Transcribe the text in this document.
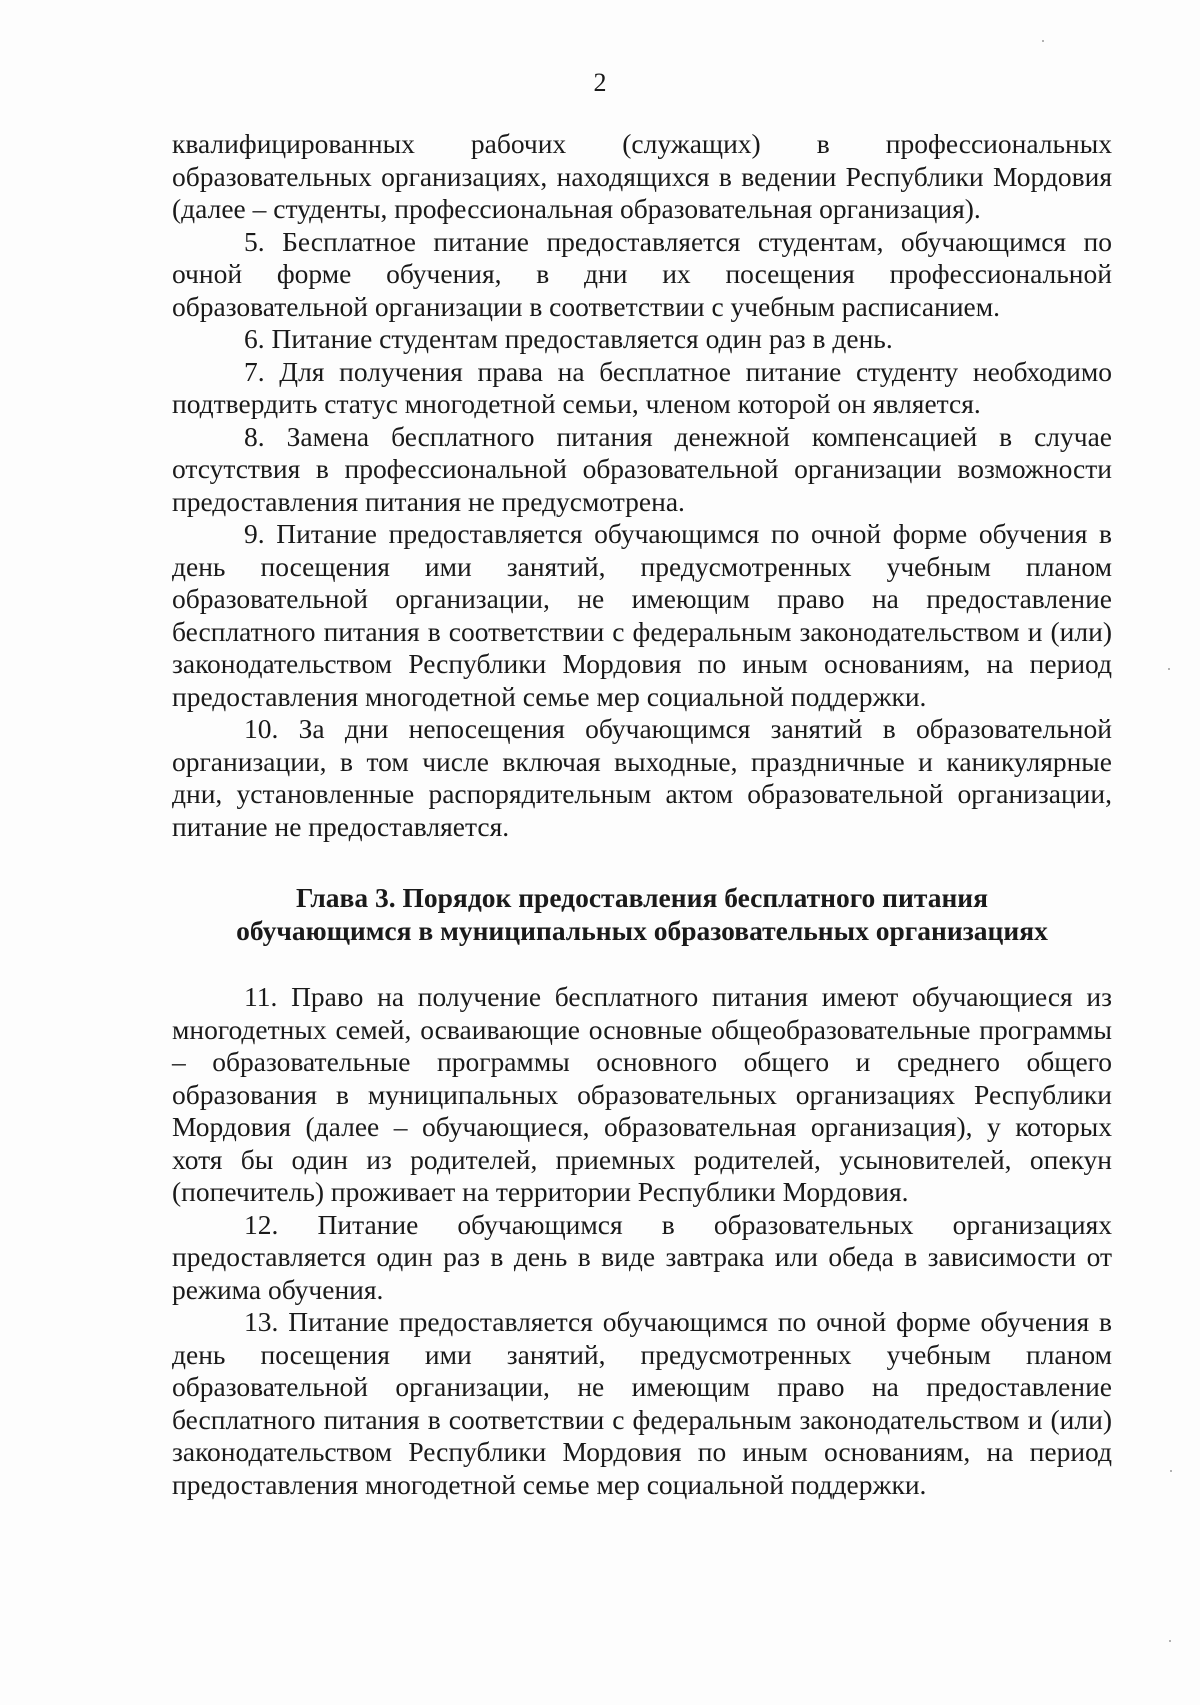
2

квалифицированных рабочих (служащих) в профессиональных образовательных организациях, находящихся в ведении Республики Мордовия (далее – студенты, профессиональная образовательная организация).

5. Бесплатное питание предоставляется студентам, обучающимся по очной форме обучения, в дни их посещения профессиональной образовательной организации в соответствии с учебным расписанием.

6. Питание студентам предоставляется один раз в день.

7. Для получения права на бесплатное питание студенту необходимо подтвердить статус многодетной семьи, членом которой он является.

8. Замена бесплатного питания денежной компенсацией в случае отсутствия в профессиональной образовательной организации возможности предоставления питания не предусмотрена.

9. Питание предоставляется обучающимся по очной форме обучения в день посещения ими занятий, предусмотренных учебным планом образовательной организации, не имеющим право на предоставление бесплатного питания в соответствии с федеральным законодательством и (или) законодательством Республики Мордовия по иным основаниям, на период предоставления многодетной семье мер социальной поддержки.

10. За дни непосещения обучающимся занятий в образовательной организации, в том числе включая выходные, праздничные и каникулярные дни, установленные распорядительным актом образовательной организации, питание не предоставляется.

Глава 3. Порядок предоставления бесплатного питания
обучающимся в муниципальных образовательных организациях

11. Право на получение бесплатного питания имеют обучающиеся из многодетных семей, осваивающие основные общеобразовательные программы – образовательные программы основного общего и среднего общего образования в муниципальных образовательных организациях Республики Мордовия (далее – обучающиеся, образовательная организация), у которых хотя бы один из родителей, приемных родителей, усыновителей, опекун (попечитель) проживает на территории Республики Мордовия.

12. Питание обучающимся в образовательных организациях предоставляется один раз в день в виде завтрака или обеда в зависимости от режима обучения.

13. Питание предоставляется обучающимся по очной форме обучения в день посещения ими занятий, предусмотренных учебным планом образовательной организации, не имеющим право на предоставление бесплатного питания в соответствии с федеральным законодательством и (или) законодательством Республики Мордовия по иным основаниям, на период предоставления многодетной семье мер социальной поддержки.
